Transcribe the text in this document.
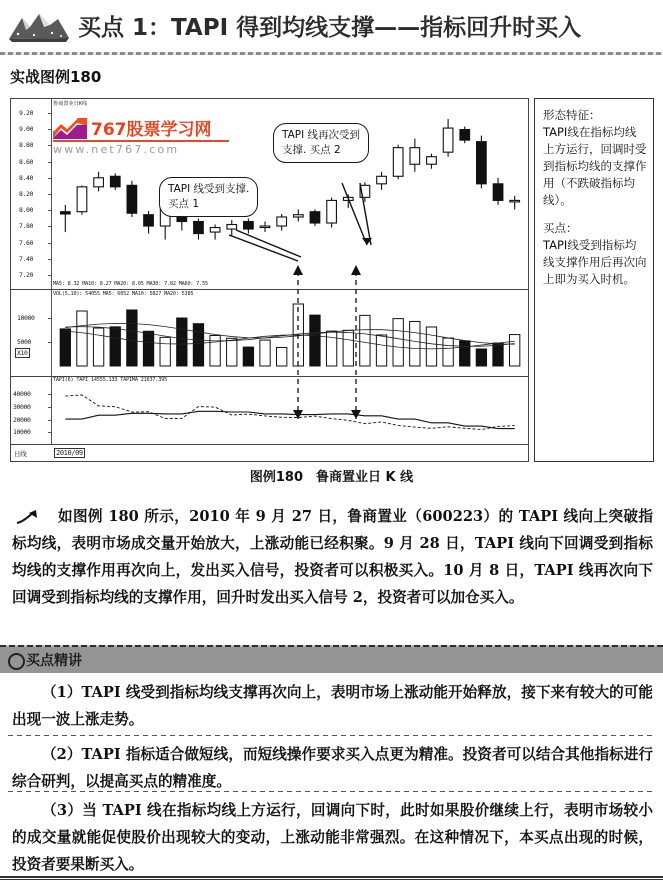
买点 1：TAPI 得到均线支撑——指标回升时买入
实战图例180
鲁商置业日K线
9.20
9.00
8.80
8.60
8.40
8.20
8.00
7.80
7.60
7.40
7.20
767股票学习网
www.net767.com
MA5: 8.32 MA10: 8.27 MA20: 8.05 MA30: 7.82 MA60: 7.55
VOL(5,10): 54055 MA5: 6052 MA10: 5827 MA20: 5385
10000
5000
X10
TAPI(6) TAPI 14555.133 TAPIMA 21637.395
40000
30000
20000
10000
日线	2010/09
TAPI 线受到支撑.
买点 1
TAPI 线再次受到
支撑. 买点 2
形态特征：
TAPI线在指标均线上方运行，回调时受到指标均线的支撑作用（不跌破指标均线）。
买点：
TAPI线受到指标均线支撑作用后再次向上即为买入时机。
图例180　鲁商置业日 K 线
如图例 180 所示，2010 年 9 月 27 日，鲁商置业（600223）的 TAPI 线向上突破指标均线，表明市场成交量开始放大，上涨动能已经积聚。9 月 28 日，TAPI 线向下回调受到指标均线的支撑作用再次向上，发出买入信号，投资者可以积极买入。10 月 8 日，TAPI 线再次向下回调受到指标均线的支撑作用，回升时发出买入信号 2，投资者可以加仓买入。
买点精讲
（1）TAPI 线受到指标均线支撑再次向上，表明市场上涨动能开始释放，接下来有较大的可能出现一波上涨走势。
（2）TAPI 指标适合做短线，而短线操作要求买入点更为精准。投资者可以结合其他指标进行综合研判，以提高买点的精准度。
（3）当 TAPI 线在指标均线上方运行，回调向下时，此时如果股价继续上行，表明市场较小的成交量就能促使股价出现较大的变动，上涨动能非常强烈。在这种情况下，本买点出现的时候，投资者要果断买入。
